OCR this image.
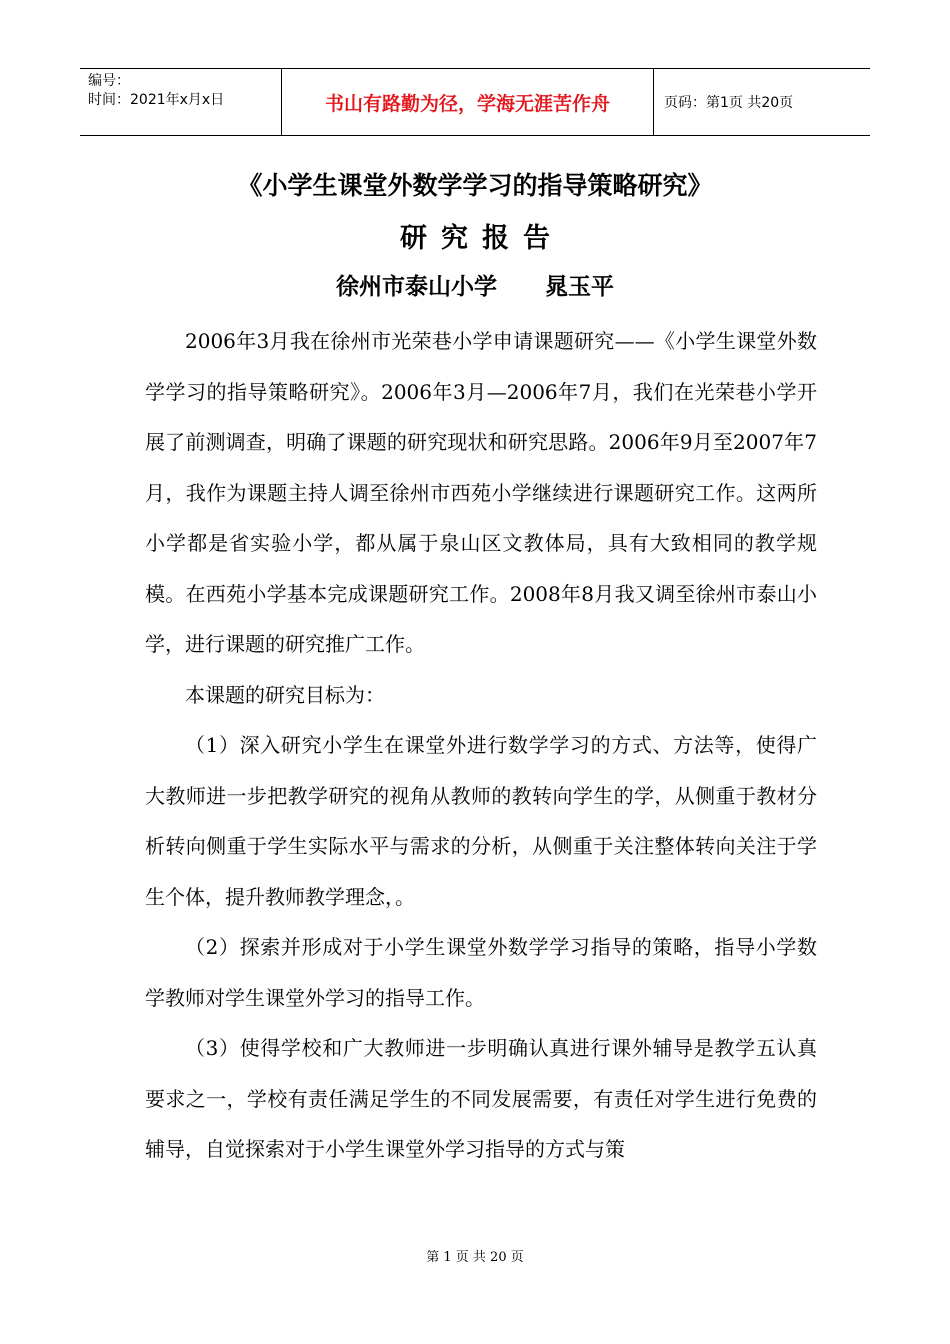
编号：
时间：2021年x月x日	书山有路勤为径，学海无涯苦作舟	页码：第1页 共20页
《小学生课堂外数学学习的指导策略研究》
研究报告
徐州市泰山小学 晁玉平

2006年3月我在徐州市光荣巷小学申请课题研究——《小学生课堂外数学学习的指导策略研究》。2006年3月—2006年7月，我们在光荣巷小学开展了前测调查，明确了课题的研究现状和研究思路。2006年9月至2007年7月，我作为课题主持人调至徐州市西苑小学继续进行课题研究工作。这两所小学都是省实验小学，都从属于泉山区文教体局，具有大致相同的教学规模。在西苑小学基本完成课题研究工作。2008年8月我又调至徐州市泰山小学，进行课题的研究推广工作。

本课题的研究目标为：

（1）深入研究小学生在课堂外进行数学学习的方式、方法等，使得广大教师进一步把教学研究的视角从教师的教转向学生的学，从侧重于教材分析转向侧重于学生实际水平与需求的分析，从侧重于关注整体转向关注于学生个体，提升教师教学理念，。

（2）探索并形成对于小学生课堂外数学学习指导的策略，指导小学数学教师对学生课堂外学习的指导工作。

（3）使得学校和广大教师进一步明确认真进行课外辅导是教学五认真要求之一，学校有责任满足学生的不同发展需要，有责任对学生进行免费的辅导，自觉探索对于小学生课堂外学习指导的方式与策

第 1 页 共 20 页
